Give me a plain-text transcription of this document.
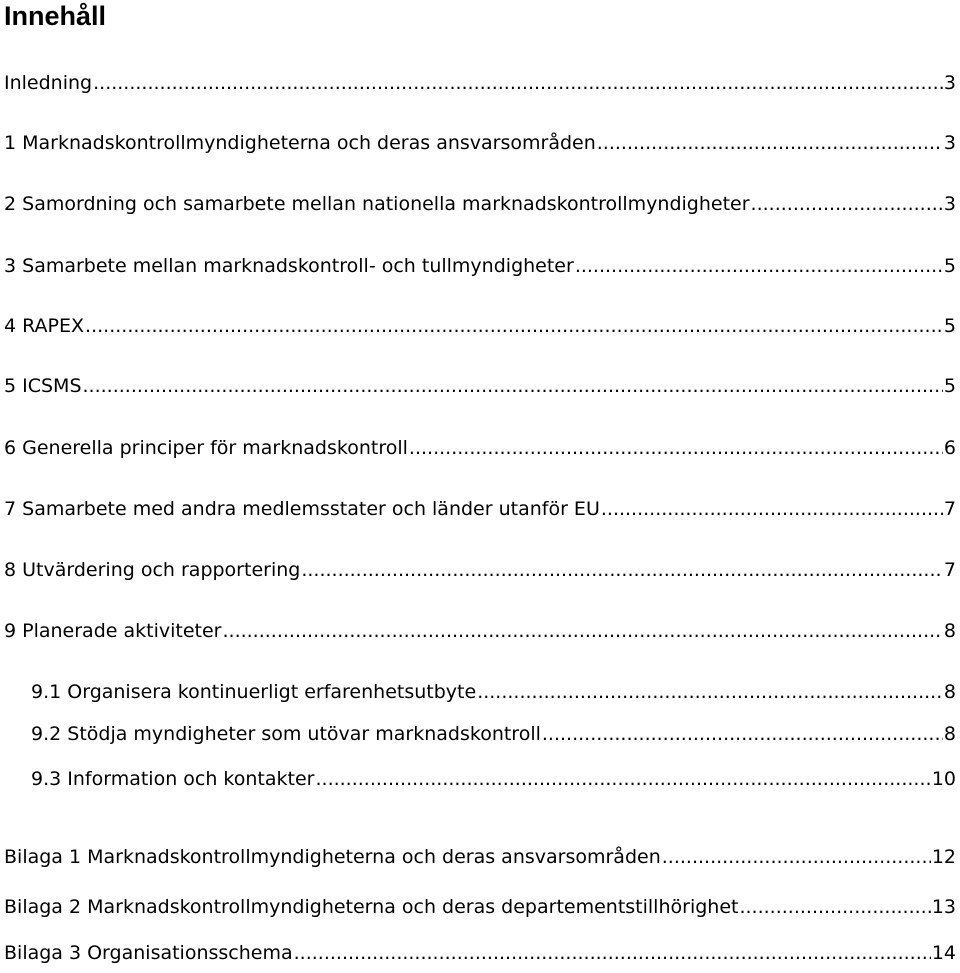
Innehåll
Inledning .....	3
1 Marknadskontrollmyndigheterna och deras ansvarsområden .....	3
2 Samordning och samarbete mellan nationella marknadskontrollmyndigheter .....	3
3 Samarbete mellan marknadskontroll- och tullmyndigheter .....	5
4 RAPEX .....	5
5 ICSMS .....	5
6 Generella principer för marknadskontroll .....	6
7 Samarbete med andra medlemsstater och länder utanför EU .....	7
8 Utvärdering och rapportering .....	7
9 Planerade aktiviteter .....	8
9.1 Organisera kontinuerligt erfarenhetsutbyte .....	8
9.2 Stödja myndigheter som utövar marknadskontroll .....	8
9.3 Information och kontakter .....	10
Bilaga 1 Marknadskontrollmyndigheterna och deras ansvarsområden .....	12
Bilaga 2 Marknadskontrollmyndigheterna och deras departementstillhörighet .....	13
Bilaga 3 Organisationsschema .....	14
